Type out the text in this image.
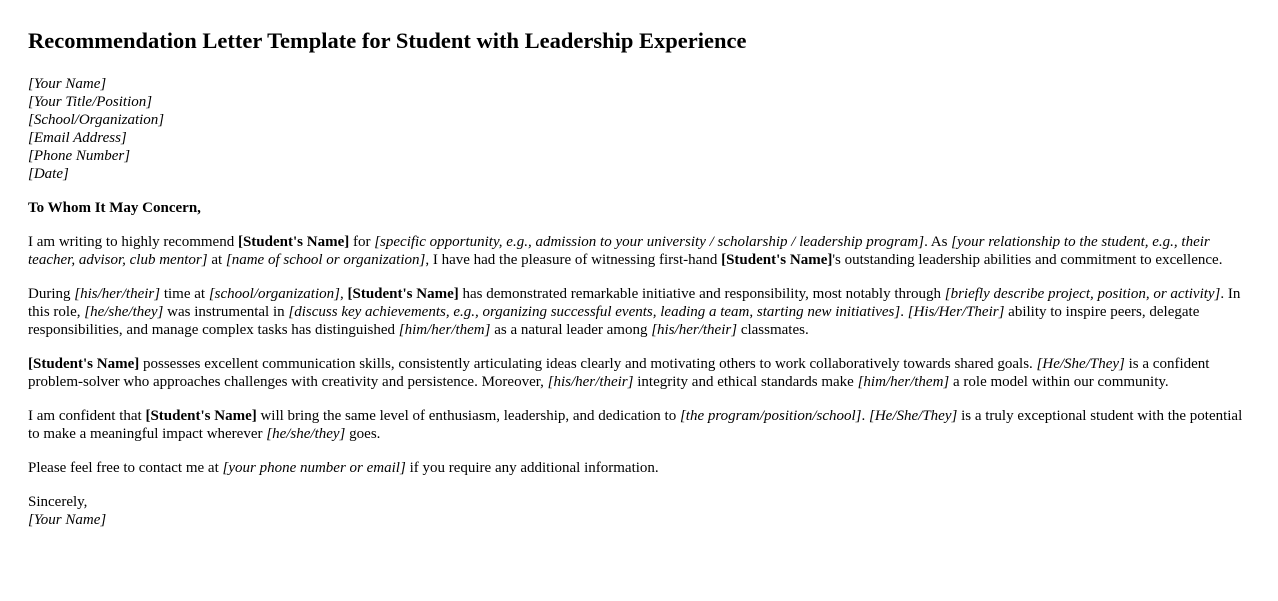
Recommendation Letter Template for Student with Leadership Experience
[Your Name]
[Your Title/Position]
[School/Organization]
[Email Address]
[Phone Number]
[Date]

To Whom It May Concern,

I am writing to highly recommend [Student's Name] for [specific opportunity, e.g., admission to your university / scholarship / leadership program]. As [your relationship to the student, e.g., their teacher, advisor, club mentor] at [name of school or organization], I have had the pleasure of witnessing first-hand [Student's Name]'s outstanding leadership abilities and commitment to excellence.

During [his/her/their] time at [school/organization], [Student's Name] has demonstrated remarkable initiative and responsibility, most notably through [briefly describe project, position, or activity]. In this role, [he/she/they] was instrumental in [discuss key achievements, e.g., organizing successful events, leading a team, starting new initiatives]. [His/Her/Their] ability to inspire peers, delegate responsibilities, and manage complex tasks has distinguished [him/her/them] as a natural leader among [his/her/their] classmates.

[Student's Name] possesses excellent communication skills, consistently articulating ideas clearly and motivating others to work collaboratively towards shared goals. [He/She/They] is a confident problem-solver who approaches challenges with creativity and persistence. Moreover, [his/her/their] integrity and ethical standards make [him/her/them] a role model within our community.

I am confident that [Student's Name] will bring the same level of enthusiasm, leadership, and dedication to [the program/position/school]. [He/She/They] is a truly exceptional student with the potential to make a meaningful impact wherever [he/she/they] goes.

Please feel free to contact me at [your phone number or email] if you require any additional information.

Sincerely,
[Your Name]
